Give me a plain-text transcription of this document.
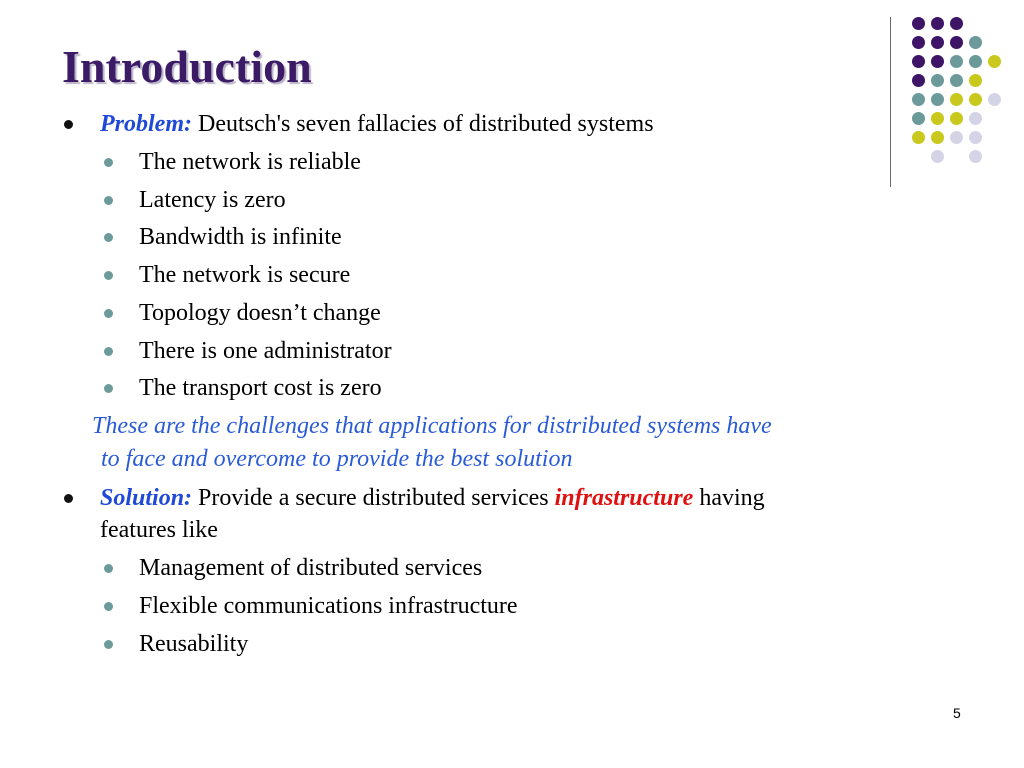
Introduction
Problem: Deutsch's seven fallacies of distributed systems
The network is reliable
Latency is zero
Bandwidth is infinite
The network is secure
Topology doesn’t change
There is one administrator
The transport cost is zero
These are the challenges that applications for distributed systems have
to face and overcome to provide the best solution
Solution: Provide a secure distributed services infrastructure having
features like
Management of distributed services
Flexible communications infrastructure
Reusability
5
